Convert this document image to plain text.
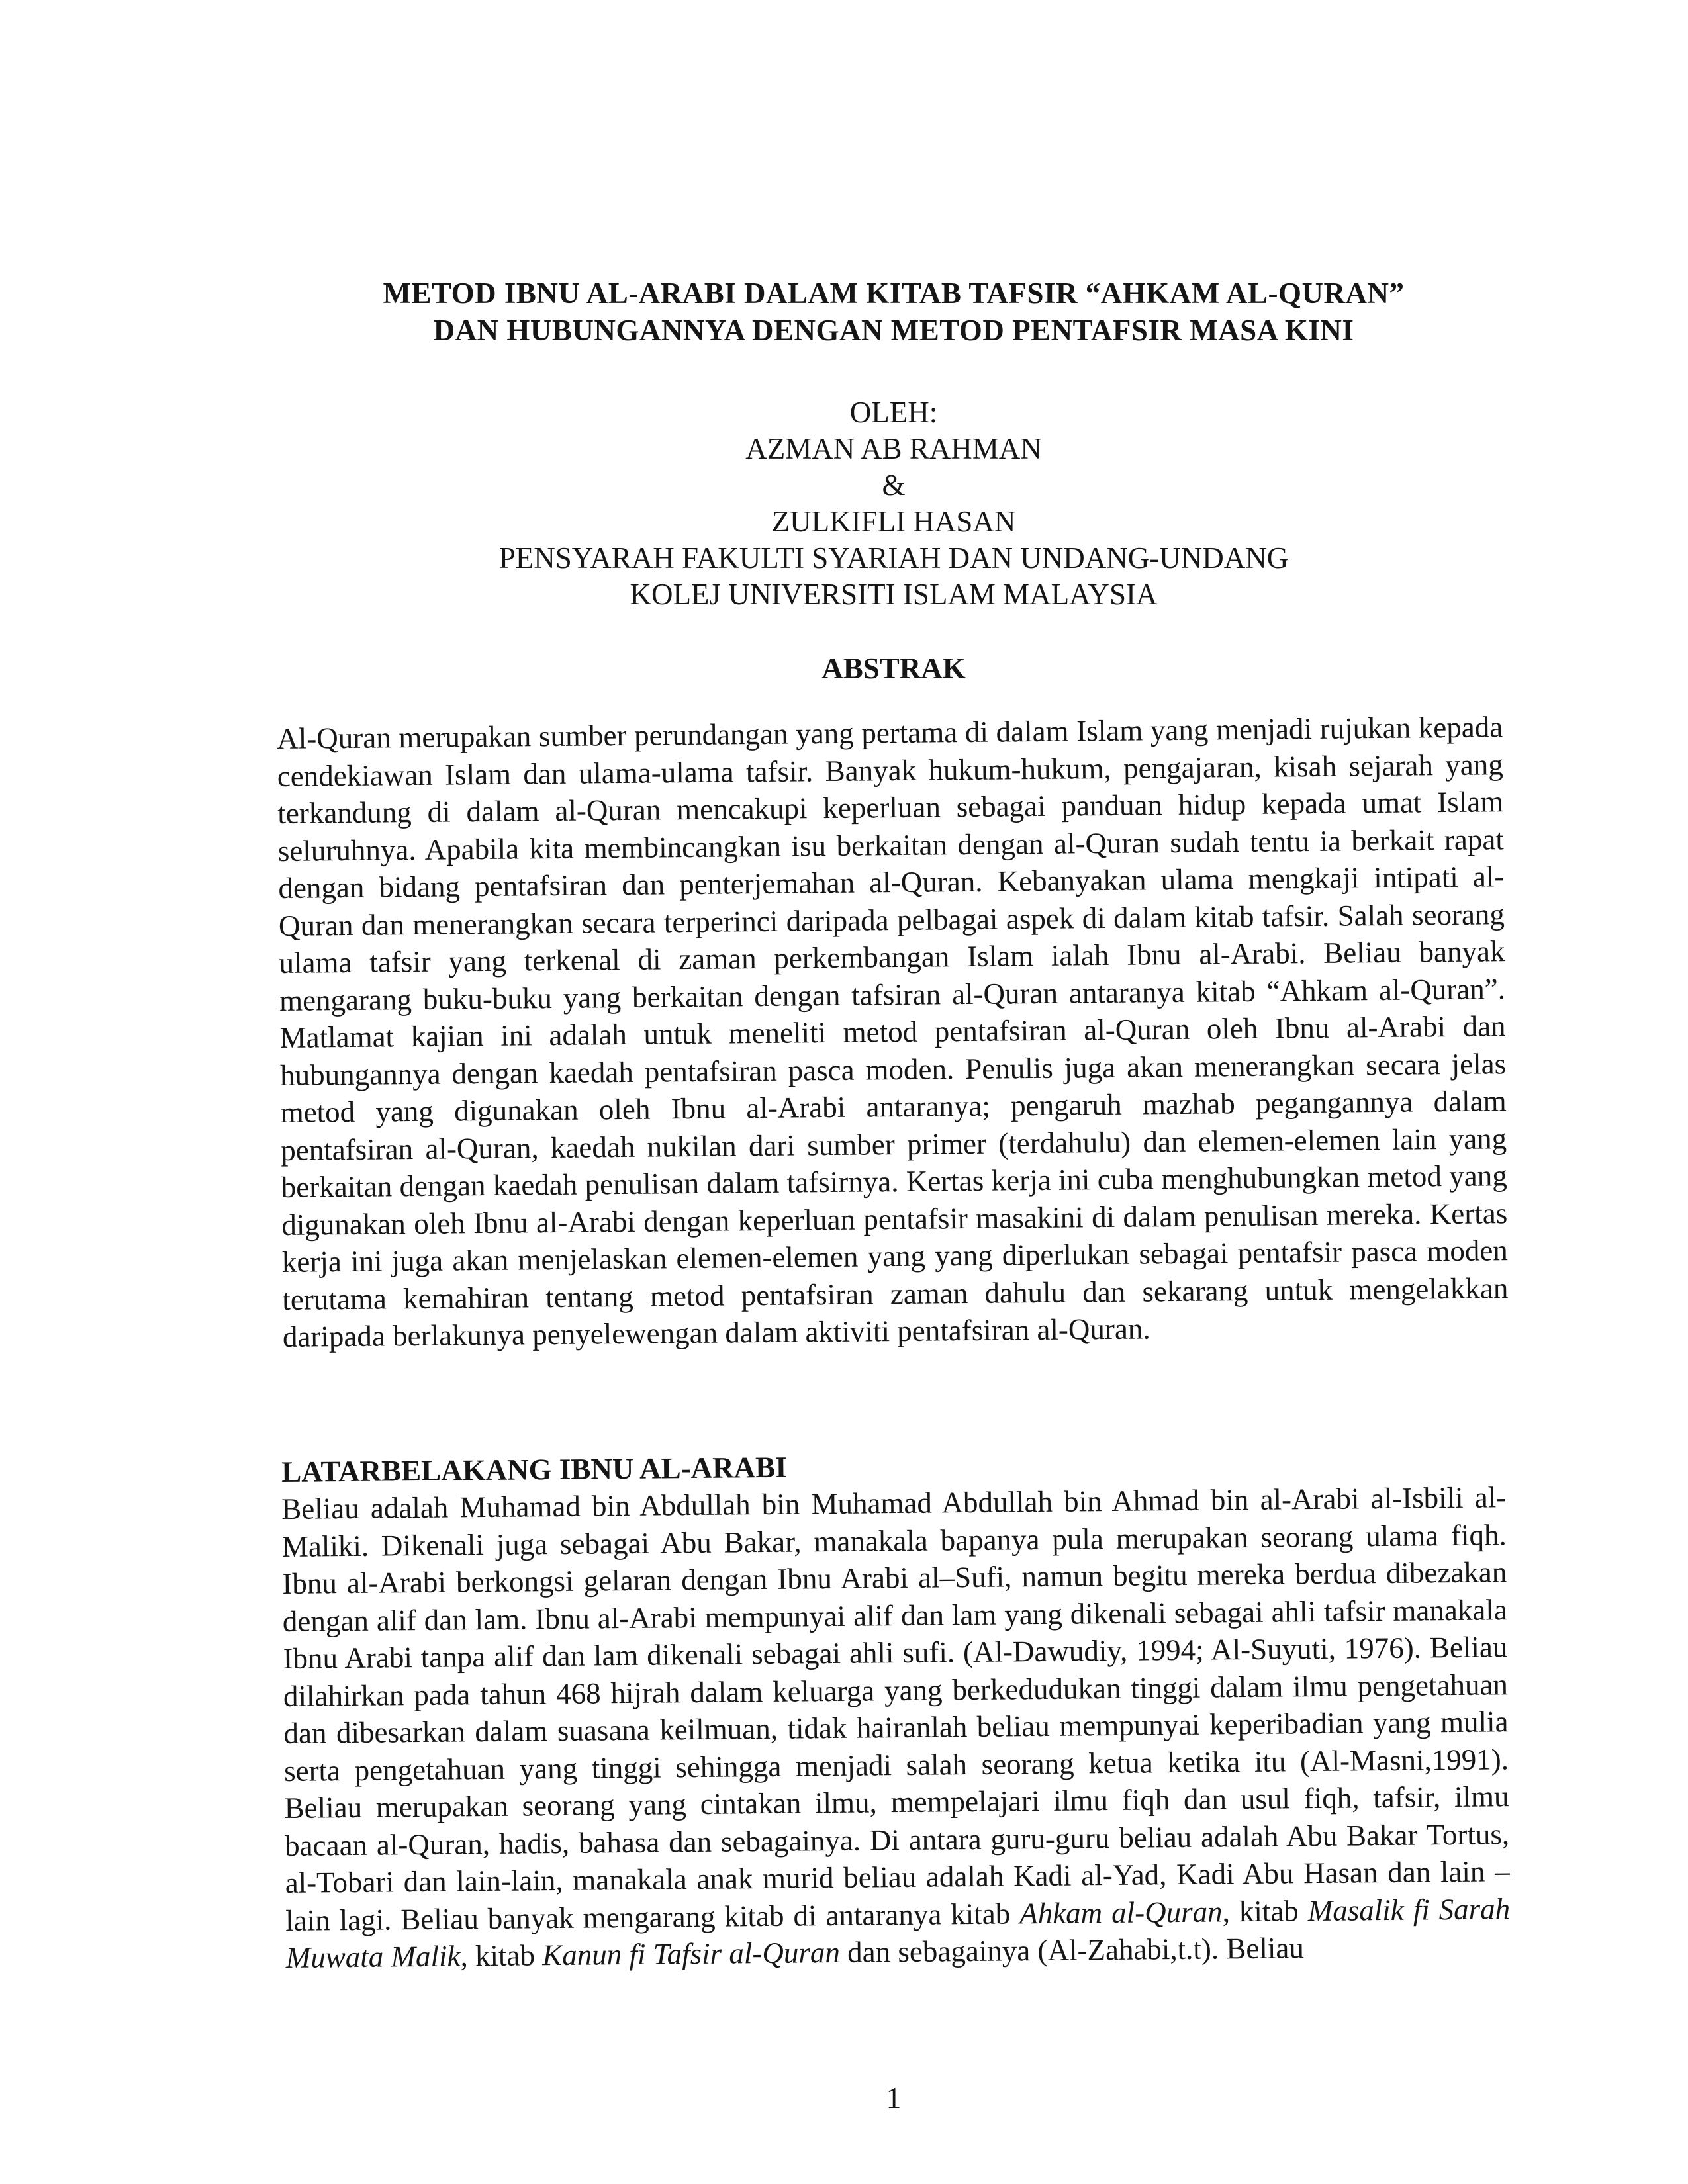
METOD IBNU AL-ARABI DALAM KITAB TAFSIR “AHKAM AL-QURAN”
DAN HUBUNGANNYA DENGAN METOD PENTAFSIR MASA KINI
OLEH:
AZMAN AB RAHMAN
&
ZULKIFLI HASAN
PENSYARAH FAKULTI SYARIAH DAN UNDANG-UNDANG
KOLEJ UNIVERSITI ISLAM MALAYSIA
ABSTRAK
Al-Quran merupakan sumber perundangan yang pertama di dalam Islam yang menjadi rujukan kepada cendekiawan Islam dan ulama-ulama tafsir. Banyak hukum-hukum, pengajaran, kisah sejarah yang terkandung di dalam al-Quran mencakupi keperluan sebagai panduan hidup kepada umat Islam seluruhnya. Apabila kita membincangkan isu berkaitan dengan al-Quran sudah tentu ia berkait rapat dengan bidang pentafsiran dan penterjemahan al-Quran. Kebanyakan ulama mengkaji intipati al-Quran dan menerangkan secara terperinci daripada pelbagai aspek di dalam kitab tafsir. Salah seorang ulama tafsir yang terkenal di zaman perkembangan Islam ialah Ibnu al-Arabi. Beliau banyak mengarang buku-buku yang berkaitan dengan tafsiran al-Quran antaranya kitab “Ahkam al-Quran”. Matlamat kajian ini adalah untuk meneliti metod pentafsiran al-Quran oleh Ibnu al-Arabi dan hubungannya dengan kaedah pentafsiran pasca moden. Penulis juga akan menerangkan secara jelas metod yang digunakan oleh Ibnu al-Arabi antaranya; pengaruh mazhab pegangannya dalam pentafsiran al-Quran, kaedah nukilan dari sumber primer (terdahulu) dan elemen-elemen lain yang berkaitan dengan kaedah penulisan dalam tafsirnya. Kertas kerja ini cuba menghubungkan metod yang digunakan oleh Ibnu al-Arabi dengan keperluan pentafsir masakini di dalam penulisan mereka. Kertas kerja ini juga akan menjelaskan elemen-elemen yang yang diperlukan sebagai pentafsir pasca moden terutama kemahiran tentang metod pentafsiran zaman dahulu dan sekarang untuk mengelakkan daripada berlakunya penyelewengan dalam aktiviti pentafsiran al-Quran.
LATARBELAKANG IBNU AL-ARABI
Beliau adalah Muhamad bin Abdullah bin Muhamad Abdullah bin Ahmad bin al-Arabi al-Isbili al-Maliki. Dikenali juga sebagai Abu Bakar, manakala bapanya pula merupakan seorang ulama fiqh. Ibnu al-Arabi berkongsi gelaran dengan Ibnu Arabi al–Sufi, namun begitu mereka berdua dibezakan dengan alif dan lam. Ibnu al-Arabi mempunyai alif dan lam yang dikenali sebagai ahli tafsir manakala Ibnu Arabi tanpa alif dan lam dikenali sebagai ahli sufi. (Al-Dawudiy, 1994; Al-Suyuti, 1976). Beliau dilahirkan pada tahun 468 hijrah dalam keluarga yang berkedudukan tinggi dalam ilmu pengetahuan dan dibesarkan dalam suasana keilmuan, tidak hairanlah beliau mempunyai keperibadian yang mulia serta pengetahuan yang tinggi sehingga menjadi salah seorang ketua ketika itu (Al-Masni,1991). Beliau merupakan seorang yang cintakan ilmu, mempelajari ilmu fiqh dan usul fiqh, tafsir, ilmu bacaan al-Quran, hadis, bahasa dan sebagainya. Di antara guru-guru beliau adalah Abu Bakar Tortus, al-Tobari dan lain-lain, manakala anak murid beliau adalah Kadi al-Yad, Kadi Abu Hasan dan lain – lain lagi. Beliau banyak mengarang kitab di antaranya kitab Ahkam al-Quran, kitab Masalik fi Sarah Muwata Malik, kitab Kanun fi Tafsir al-Quran dan sebagainya (Al-Zahabi,t.t). Beliau
1
